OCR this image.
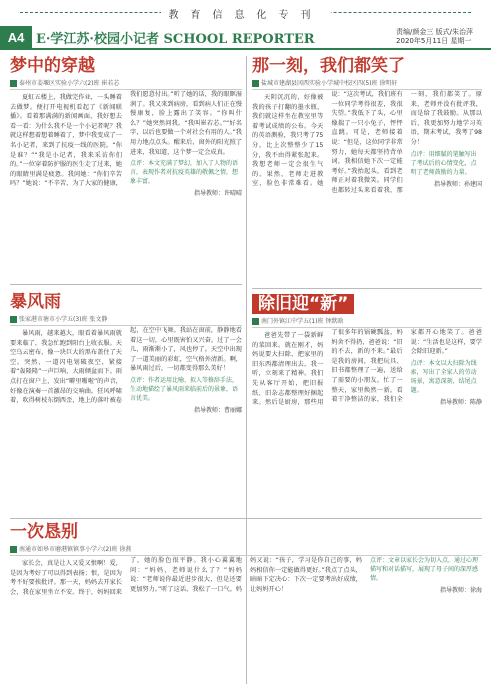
教育信息化专刊
A4 E·学江苏·校园小记者 SCHOOL REPORTER	责编/颜金三 版式/朱治萍
2020年5月11日 星期一
梦中的穿越
泰州市姜堰区实验小学六(2)班 崔若芯
夏虹五楼上，我做完作业，一头睡着去做梦。便打开电视机看起了《新闻联播》。看着那满满的新闻画面，我好想去看一看：为什么我不是一个小记者呢？我就这样想着想着睡着了，梦中我变成了一名小记者，来到了抗疫一线的医院。“你是谁？”“我是小记者，我来采访你们的。”一位穿着防护服的医生走了过来，她的眼睛里满是疲惫。我问她：“你们辛苦吗？”她说：“不辛苦，为了大家的健康，我们愿意付出。”听了她的话，我的眼眶湿润了。我又来到病房，看到病人们正在慢慢康复，脸上露出了笑容。“你叫什么？”她突然问我。“我叫崔若芯。”“好名字，以后也要做一个对社会有用的人。”我用力地点点头。醒来后，窗外的阳光照了进来，我知道，这个梦一定会成真。
点评：本文充满了梦幻，加入了人物的语言，表现作者对抗疫英雄的敬佩之情，想象丰富。
指导教师：许晴晴
那一刻，我们都笑了
盐城市建湖县冈西实验小学城中校区四(5)班 徐明轩
天阴沉沉的，好像被我的孩子打翻的墨水瓶，我们就这样坐在教室里等着考试成绩的公布。今天的英语测验，我只考了75分，比上次整整少了15分，我不由得紧张起来。我想老师一定会很生气的。果然，老师走进教室，脸色非常难看。她说：“这次考试，我们班有一位同学考得很差，我很失望。”我低下了头，心里像揣了一只小兔子，怦怦直跳。可是，老师接着说：“但是，这位同学非常努力，她每天都坚持背单词，我相信她下次一定能考好。”我抬起头，看到老师正对着我微笑。同学们也都转过头来看着我，那一刻，我们都笑了。原来，老师并没有批评我，而是给了我鼓励。从那以后，我更加努力地学习英语，期末考试，我考了98分！
点评：用细腻的笔触写出了考试后的心情变化，点明了老师鼓励的力量。
指导教师：孙建国
暴风雨
张家港市塘市小学五(3)班 张文静
暴风雨，越来越大，眼看着暴风雨就要来临了，我急忙跑到阳台上收衣服。天空乌云密布，像一块巨大的黑布盖住了天空。突然，一道闪电划破夜空，紧接着“轰隆隆”一声巨响，大雨倾盆而下。雨点打在窗户上，发出“噼里啪啦”的声音，好像在演奏一首激昂的交响曲。狂风呼啸着，吹得树枝东倒西歪，地上的落叶被卷起，在空中飞舞。我站在窗前，静静地看着这一切，心里既害怕又兴奋。过了一会儿，雨渐渐小了，风也停了。天空中出现了一道美丽的彩虹，空气格外清新。啊，暴风雨过后，一切都变得那么美好！
点评：作者运用比喻、拟人等修辞手法，生动地描绘了暴风雨来临前后的景象，语言优美。
指导教师：曹丽娜
除旧迎“新”
南门外镇江中学五(1)班 钟默晗
爸爸先带了一袋新鲜的菜回来。就在刚才，妈妈说要大扫除，把家里的旧东西都清理出去。我一听，立刻来了精神。我们先从客厅开始，把旧报纸、旧杂志都整理好捆起来。然后是厨房，那些用了很多年的锅碗瓢盆，妈妈舍不得扔，爸爸说：“旧的不去，新的不来。”最后是我的房间，我把玩具、旧书都整理了一遍，送给了需要的小朋友。忙了一整天，家里焕然一新。看着干净整洁的家，我们全家都开心地笑了。爸爸说：“生活也是这样，要学会除旧迎新。”
点评：本文以大扫除为线索，写出了全家人的劳动场景，寓意深刻，结尾点题。
指导教师：陈静
一次恳别
南通市如皋市磨港镇镇事小学六(2)班 徐燕
家长会，真是让人又爱又恨啊！爱，是因为考好了可以得到表扬；恨，是因为考不好要挨批评。那一天，妈妈去开家长会，我在家里坐立不安。终于，妈妈回来了，她的脸色很平静。我小心翼翼地问：“妈妈，老师说什么了？”妈妈说：“老师说你最近进步很大，但是还要更加努力。”听了这话，我松了一口气。妈妈又说：“孩子，学习是你自己的事，妈妈相信你一定能做得更好。”我点了点头，暗暗下定决心：下次一定要考出好成绩，让妈妈开心！
点评：文章以家长会为切入点，通过心理描写和对话描写，展现了母子间的深厚感情。
指导教师：徐海
